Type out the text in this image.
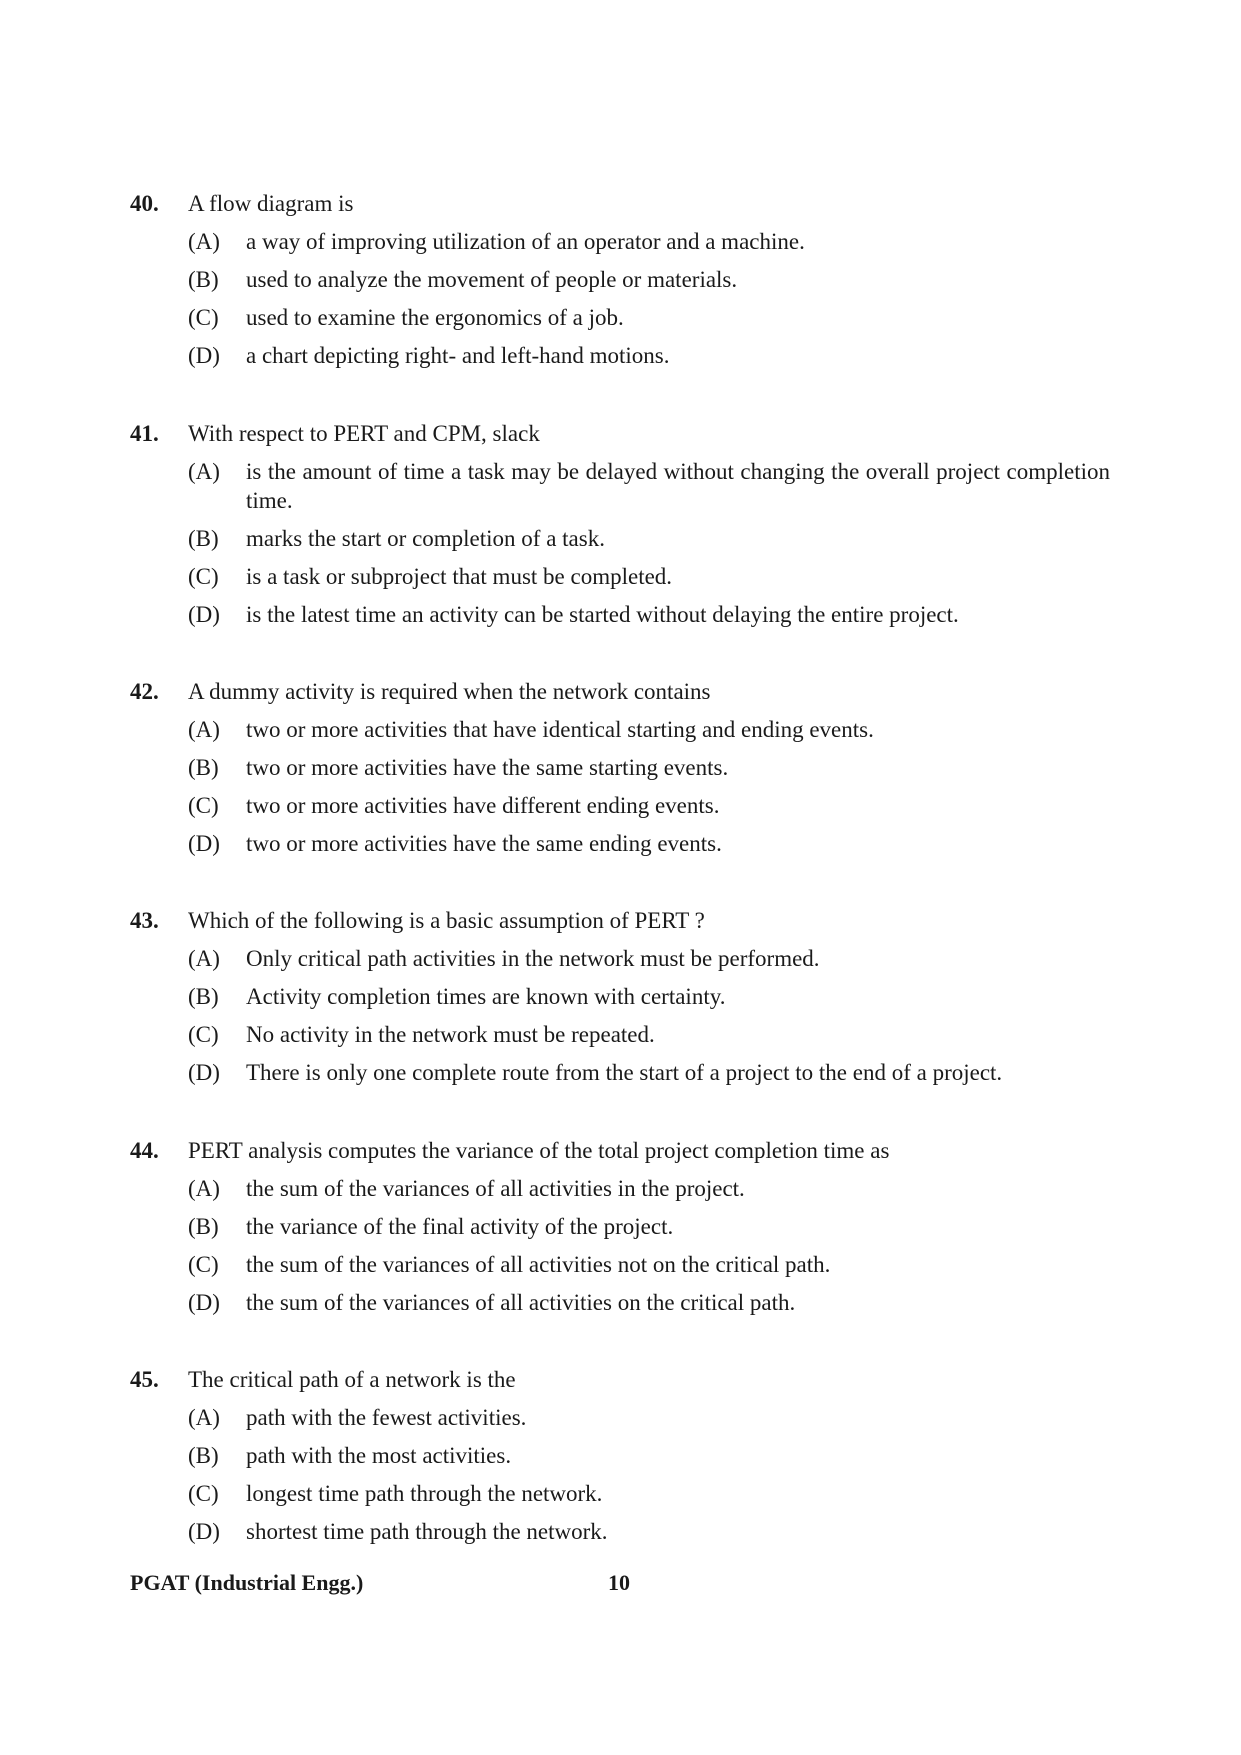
40.	A flow diagram is
(A)	a way of improving utilization of an operator and a machine.
(B)	used to analyze the movement of people or materials.
(C)	used to examine the ergonomics of a job.
(D)	a chart depicting right- and left-hand motions.
41.	With respect to PERT and CPM, slack
(A)	is the amount of time a task may be delayed without changing the overall project completion time.
(B)	marks the start or completion of a task.
(C)	is a task or subproject that must be completed.
(D)	is the latest time an activity can be started without delaying the entire project.
42.	A dummy activity is required when the network contains
(A)	two or more activities that have identical starting and ending events.
(B)	two or more activities have the same starting events.
(C)	two or more activities have different ending events.
(D)	two or more activities have the same ending events.
43.	Which of the following is a basic assumption of PERT ?
(A)	Only critical path activities in the network must be performed.
(B)	Activity completion times are known with certainty.
(C)	No activity in the network must be repeated.
(D)	There is only one complete route from the start of a project to the end of a project.
44.	PERT analysis computes the variance of the total project completion time as
(A)	the sum of the variances of all activities in the project.
(B)	the variance of the final activity of the project.
(C)	the sum of the variances of all activities not on the critical path.
(D)	the sum of the variances of all activities on the critical path.
45.	The critical path of a network is the
(A)	path with the fewest activities.
(B)	path with the most activities.
(C)	longest time path through the network.
(D)	shortest time path through the network.
PGAT (Industrial Engg.)	10
